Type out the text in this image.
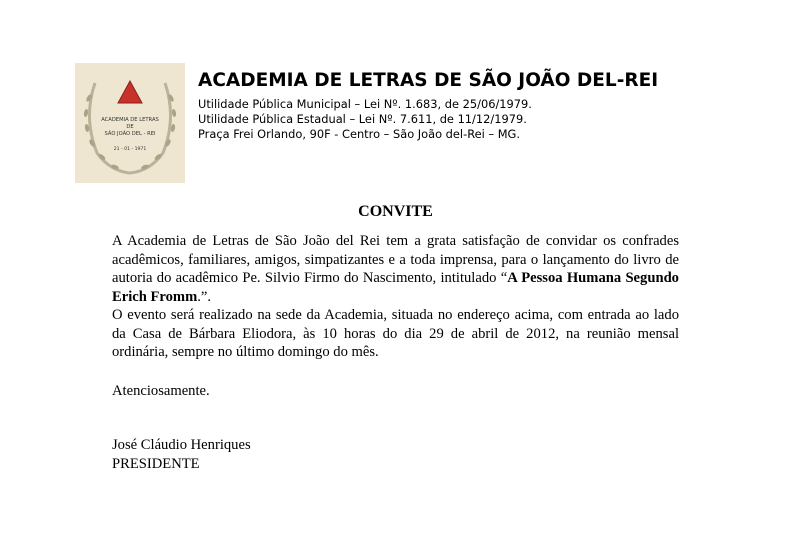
ACADEMIA DE LETRAS
DE
SÃO JOÃO DEL - REI
21 - 01 - 1971
ACADEMIA DE LETRAS DE SÃO JOÃO DEL-REI
Utilidade Pública Municipal – Lei Nº. 1.683, de 25/06/1979.
Utilidade Pública Estadual – Lei Nº. 7.611, de 11/12/1979.
Praça Frei Orlando, 90F - Centro – São João del-Rei – MG.
CONVITE

A Academia de Letras de São João del Rei tem a grata satisfação de convidar os confrades acadêmicos, familiares, amigos, simpatizantes e a toda imprensa, para o lançamento do livro de autoria do acadêmico Pe. Silvio Firmo do Nascimento, intitulado “A Pessoa Humana Segundo Erich Fromm.”.

O evento será realizado na sede da Academia, situada no endereço acima, com entrada ao lado da Casa de Bárbara Eliodora, às 10 horas do dia 29 de abril de 2012, na reunião mensal ordinária, sempre no último domingo do mês.

Atenciosamente.
José Cláudio Henriques
PRESIDENTE
